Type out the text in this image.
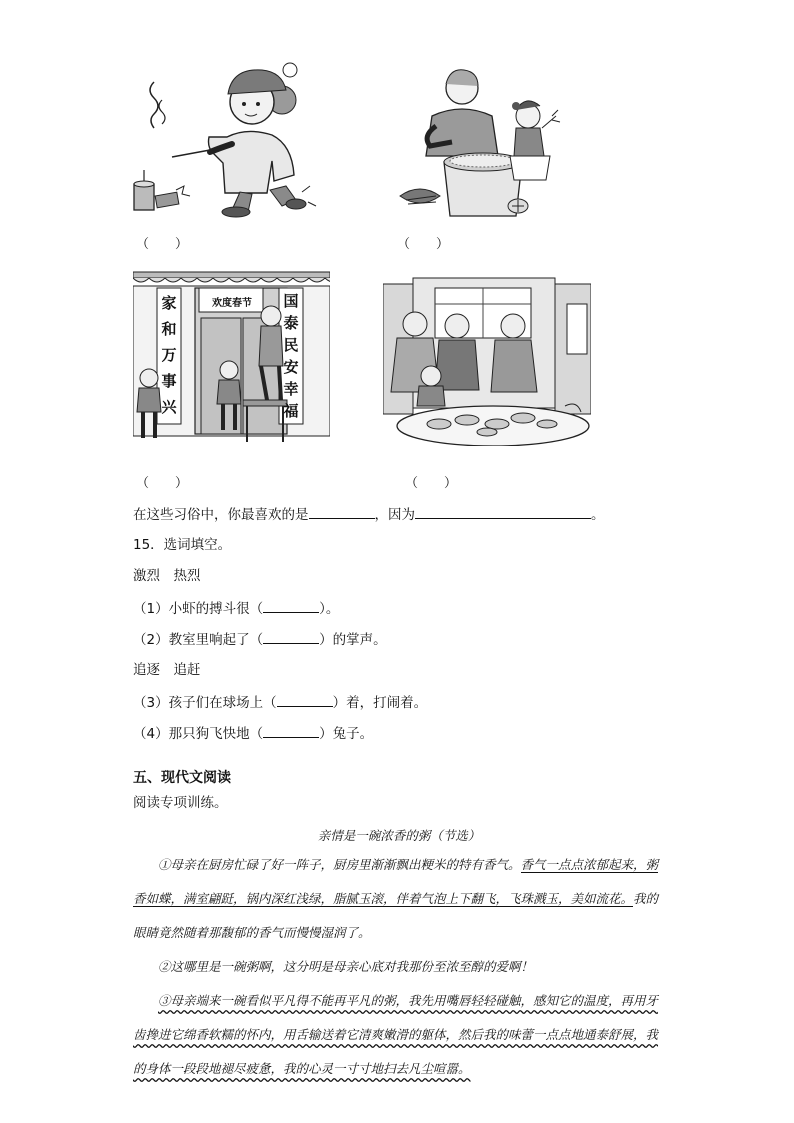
（　　）	（　　）
家
和
万
事
兴
欢度春节	国
泰
民
安
幸
福
（　　）	（　　）
在这些习俗中，你最喜欢的是	，因为	。
15．选词填空。
激烈　热烈
（1）小虾的搏斗很（	）。
（2）教室里响起了（	）的掌声。
追逐　追赶
（3）孩子们在球场上（	）着，打闹着。
（4）那只狗飞快地（	）兔子。
五、现代文阅读
阅读专项训练。
亲情是一碗浓香的粥（节选）

①母亲在厨房忙碌了好一阵子，厨房里渐渐飘出粳米的特有香气。香气一点点浓郁起来，粥香如蝶，满室翩跹，锅内深红浅绿，脂腻玉滚，伴着气泡上下翻飞，飞珠溅玉，美如流花。我的眼睛竟然随着那馥郁的香气而慢慢湿润了。

②这哪里是一碗粥啊，这分明是母亲心底对我那份至浓至醇的爱啊！

③母亲端来一碗看似平凡得不能再平凡的粥，我先用嘴唇轻轻碰触，感知它的温度，再用牙齿搀进它绵香软糯的怀内，用舌输送着它清爽嫩滑的躯体，然后我的味蕾一点点地通泰舒展，我的身体一段段地褪尽疲惫，我的心灵一寸寸地扫去凡尘喧嚣。
